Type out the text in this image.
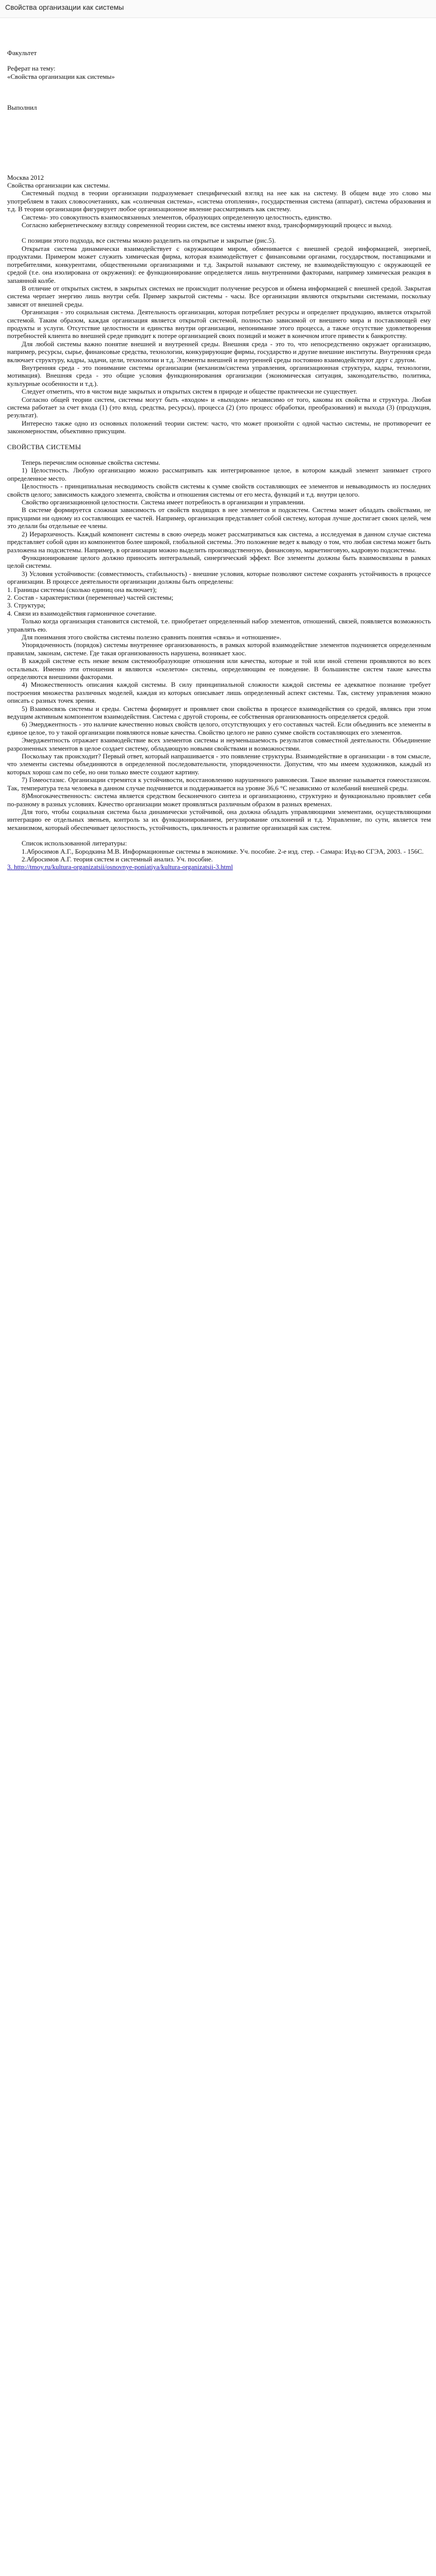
Свойства организации как системы

Факультет

Реферат на тему:

«Свойства организации как системы»

Выполнил

Москва 2012

Свойства организации как системы.

Системный подход в теории организации подразумевает специфический взгляд на нее как на систему. В общем виде это слово мы употребляем в таких словосочетаниях, как «солнечная система», «система отопления», государственная система (аппарат), система образования и т.д. В теории организации фигурирует любое организационное явление рассматривать как систему.

Система- это совокупность взаимосвязанных элементов, образующих определенную целостность, единство.

Согласно кибернетическому взгляду современной теории систем, все системы имеют вход, трансформирующий процесс и выход.

С позиции этого подхода, все системы можно разделить на открытые и закрытые (рис.5).

Открытая система динамически взаимодействует с окружающим миром, обменивается с внешней средой информацией, энергией, продуктами. Примером может служить химическая фирма, которая взаимодействует с финансовыми органами, государством, поставщиками и потребителями, конкурентами, общественными организациями и т.д. Закрытой называют систему, не взаимодействующую с окружающей ее средой (т.е. она изолирована от окружения): ее функционирование определяется лишь внутренними факторами, например химическая реакция в запаянной колбе.

В отличие от открытых систем, в закрытых системах не происходит получение ресурсов и обмена информацией с внешней средой. Закрытая система черпает энергию лишь внутри себя. Пример закрытой системы - часы. Все организации являются открытыми системами, поскольку зависят от внешней среды.

Организация - это социальная система. Деятельность организации, которая потребляет ресурсы и определяет продукцию, является открытой системой. Таким образом, каждая организация является открытой системой, полностью зависимой от внешнего мира и поставляющей ему продукты и услуги. Отсутствие целостности и единства внутри организации, непонимание этого процесса, а также отсутствие удовлетворения потребностей клиента во внешней среде приводит к потере организацией своих позиций и может в конечном итоге привести к банкротству.

Для любой системы важно понятие внешней и внутренней среды. Внешняя среда - это то, что непосредственно окружает организацию, например, ресурсы, сырье, финансовые средства, технологии, конкурирующие фирмы, государство и другие внешние институты. Внутренняя среда включает структуру, кадры, задачи, цели, технологии и т.д. Элементы внешней и внутренней среды постоянно взаимодействуют друг с другом.

Внутренняя среда - это понимание системы организации (механизм/система управления, организационная структура, кадры, технологии, мотивация). Внешняя среда - это общие условия функционирования организации (экономическая ситуация, законодательство, политика, культурные особенности и т.д.).

Следует отметить, что в чистом виде закрытых и открытых систем в природе и обществе практически не существует.

Согласно общей теории систем, системы могут быть «входом» и «выходом» независимо от того, каковы их свойства и структура. Любая система работает за счет входа (1) (это вход, средства, ресурсы), процесса (2) (это процесс обработки, преобразования) и выхода (3) (продукция, результат).

Интересно также одно из основных положений теории систем: часто, что может произойти с одной частью системы, не противоречит ее закономерностям, объективно присущим.

СВОЙСТВА СИСТЕМЫ

Теперь перечислим основные свойства системы.

1) Целостность. Любую организацию можно рассматривать как интегрированное целое, в котором каждый элемент занимает строго определенное место.

Целостность - принципиальная несводимость свойств системы к сумме свойств составляющих ее элементов и невыводимость из последних свойств целого; зависимость каждого элемента, свойства и отношения системы от его места, функций и т.д. внутри целого.

Свойство организационной целостности. Система имеет потребность в организации и управлении.

В системе формируется сложная зависимость от свойств входящих в нее элементов и подсистем. Система может обладать свойствами, не присущими ни одному из составляющих ее частей. Например, организация представляет собой систему, которая лучше достигает своих целей, чем это делали бы отдельные ее члены.

2) Иерархичность. Каждый компонент системы в свою очередь может рассматриваться как система, а исследуемая в данном случае система представляет собой один из компонентов более широкой, глобальной системы. Это положение ведет к выводу о том, что любая система может быть разложена на подсистемы. Например, в организации можно выделить производственную, финансовую, маркетинговую, кадровую подсистемы.

Функционирование целого должно приносить интегральный, синергический эффект. Все элементы должны быть взаимосвязаны в рамках целой системы.

3) Условия устойчивости: (совместимость, стабильность) - внешние условия, которые позволяют системе сохранять устойчивость в процессе организации. В процессе деятельности организации должны быть определены:

1. Границы системы (сколько единиц она включает);
2. Состав - характеристики (переменные) частей системы;
3. Структура;
4. Связи из взаимодействия гармоничное сочетание.

Только когда организация становится системой, т.е. приобретает определенный набор элементов, отношений, связей, появляется возможность управлять ею.

Для понимания этого свойства системы полезно сравнить понятия «связь» и «отношение».

Упорядоченность (порядок) системы внутреннее организованность, в рамках которой взаимодействие элементов подчиняется определенным правилам, законам, системе. Где такая организованность нарушена, возникает хаос.

В каждой системе есть некие веком системообразующие отношения или качества, которые и той или иной степени проявляются во всех остальных. Именно эти отношения и являются «скелетом» системы, определяющим ее поведение. В большинстве систем такие качества определяются внешними факторами.

4) Множественность описания каждой системы. В силу принципиальной сложности каждой системы ее адекватное познание требует построения множества различных моделей, каждая из которых описывает лишь определенный аспект системы. Так, систему управления можно описать с разных точек зрения.

5) Взаимосвязь системы и среды. Система формирует и проявляет свои свойства в процессе взаимодействия со средой, являясь при этом ведущим активным компонентом взаимодействия. Система с другой стороны, ее собственная организованность определяется средой.

6) Эмерджентность - это наличие качественно новых свойств целого, отсутствующих у его составных частей. Если объединить все элементы в единое целое, то у такой организации появляются новые качества. Свойство целого не равно сумме свойств составляющих его элементов.

Эмерджентность отражает взаимодействие всех элементов системы и неуменьшаемость результатов совместной деятельности. Объединение разрозненных элементов в целое создает систему, обладающую новыми свойствами и возможностями.

Поскольку так происходит? Первый ответ, который напрашивается - это появление структуры. Взаимодействие в организации - в том смысле, что элементы системы объединяются в определенной последовательности, упорядоченности. Допустим, что мы имеем художников, каждый из которых хорош сам по себе, но они только вместе создают картину.

7) Гомеостазис. Организации стремятся к устойчивости, восстановлению нарушенного равновесия. Такое явление называется гомеостазисом. Так, температура тела человека в данном случае подчиняется и поддерживается на уровне 36,6 °С независимо от колебаний внешней среды.

8)Многокачественность: система является средством бесконечного синтеза и организационно, структурно и функционально проявляет себя по-разному в разных условиях. Качество организации может проявляться различным образом в разных временах.

Для того, чтобы социальная система была динамически устойчивой, она должна обладать управляющими элементами, осуществляющими интеграцию ее отдельных звеньев, контроль за их функционированием, регулирование отклонений и т.д. Управление, по сути, является тем механизмом, который обеспечивает целостность, устойчивость, цикличность и развитие организаций как систем.

Список использованной литературы:

1.Абросимов А.Г., Бородкина М.В. Информационные системы в экономике. Уч. пособие. 2-е изд. стер. - Самара: Изд-во СГЭА, 2003. - 156С.

2.Абросимов А.Г. теория систем и системный анализ. Уч. пособие.

3. http://tmoy.ru/kultura-organizatsii/osnovnye-poniatiya/kultura-organizatsii-3.html
